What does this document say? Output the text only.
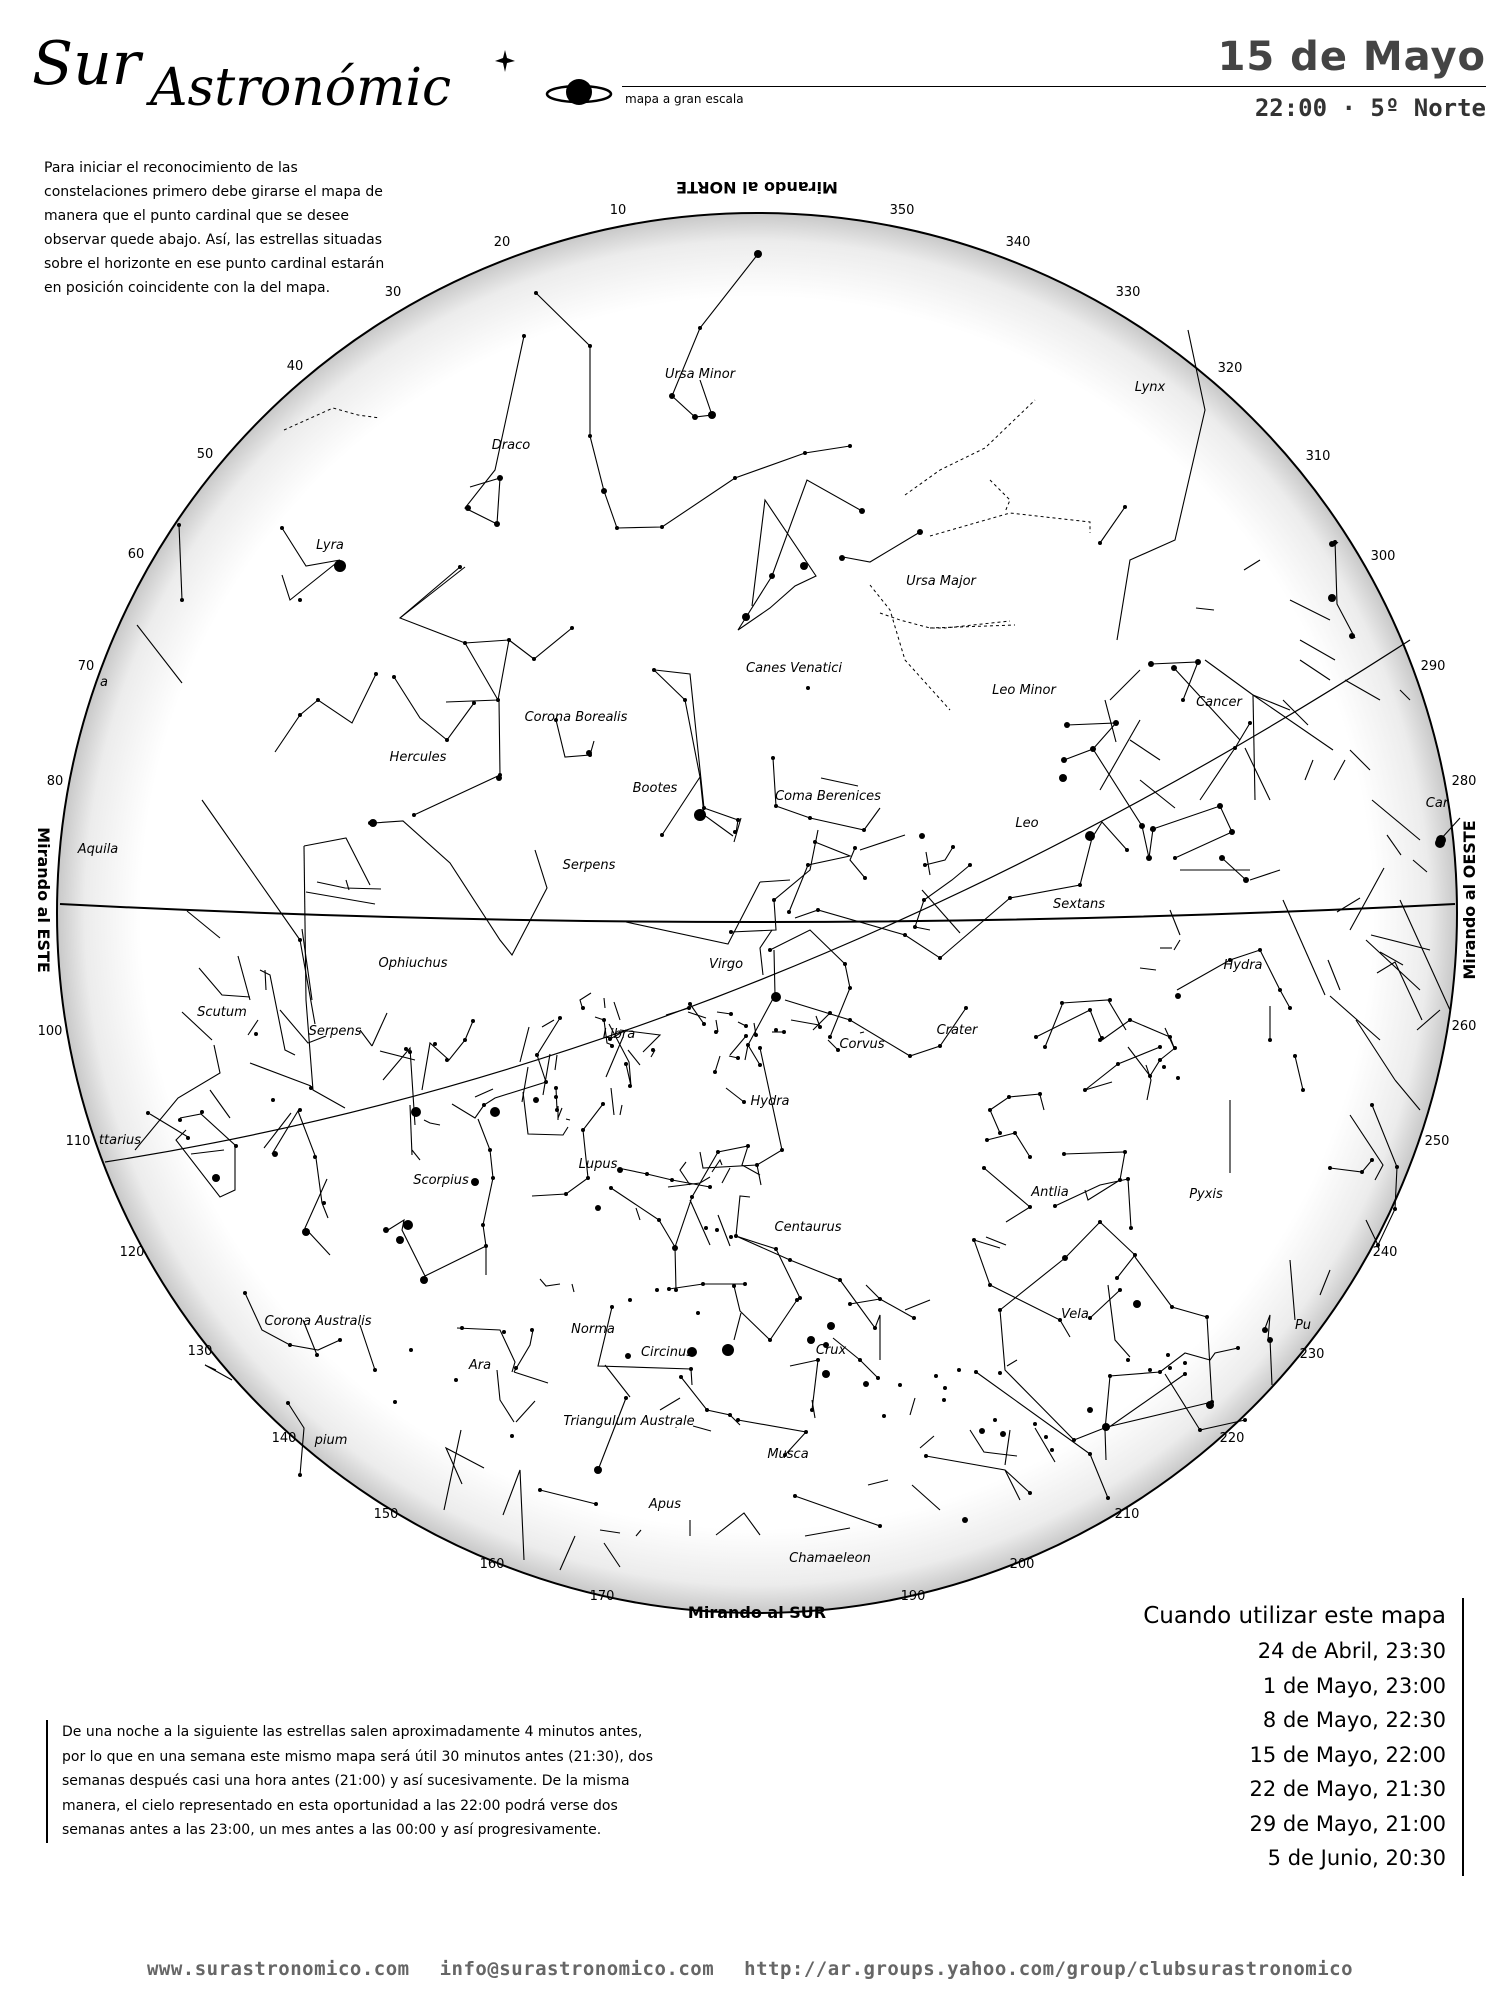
Sur Astronómic	mapa a gran escala
15 de Mayo
22:00 · 5º Norte
Para iniciar el reconocimiento de las constelaciones primero debe girarse el mapa de manera que el punto cardinal que se desee observar quede abajo. Así, las estrellas situadas sobre el horizonte en ese punto cardinal estarán en posición coincidente con la del mapa.
Mirando al NORTE
Mirando al SUR
Mirando al ESTE	Mirando al OESTE
10
20
30
40
50
60
70
80
100
110
120
130
140
150
160
170	190
200
210
220
230
240
250
260
280
290
300
310
320
330
340
350
Ursa Minor
Draco
Lynx
Lyra
Ursa Major
Canes Venatici
Leo Minor
Cancer
Corona Borealis
Hercules
Bootes
Coma Berenices
Leo
Aquila
Serpens
Sextans
Ophiuchus	Virgo	Hydra
Scutum
Serpens	Libra
Corvus
Crater
Hydra
ttarius
Lupus
Scorpius
Antlia	Pyxis
Centaurus
Corona Australis
Norma
Vela
Circinus	Crux
Ara
Triangulum Australe
Musca
Apus
Chamaeleon
Car
Pu
a
pium
Cuando utilizar este mapa
24 de Abril, 23:30
1 de Mayo, 23:00
8 de Mayo, 22:30
15 de Mayo, 22:00
22 de Mayo, 21:30
29 de Mayo, 21:00
5 de Junio, 20:30
De una noche a la siguiente las estrellas salen aproximadamente 4 minutos antes, por lo que en una semana este mismo mapa será útil 30 minutos antes (21:30), dos semanas después casi una hora antes (21:00) y así sucesivamente. De la misma manera, el cielo representado en esta oportunidad a las 22:00 podrá verse dos semanas antes a las 23:00, un mes antes a las 00:00 y así progresivamente.
www.surastronomico.com info@surastronomico.com http://ar.groups.yahoo.com/group/clubsurastronomico
